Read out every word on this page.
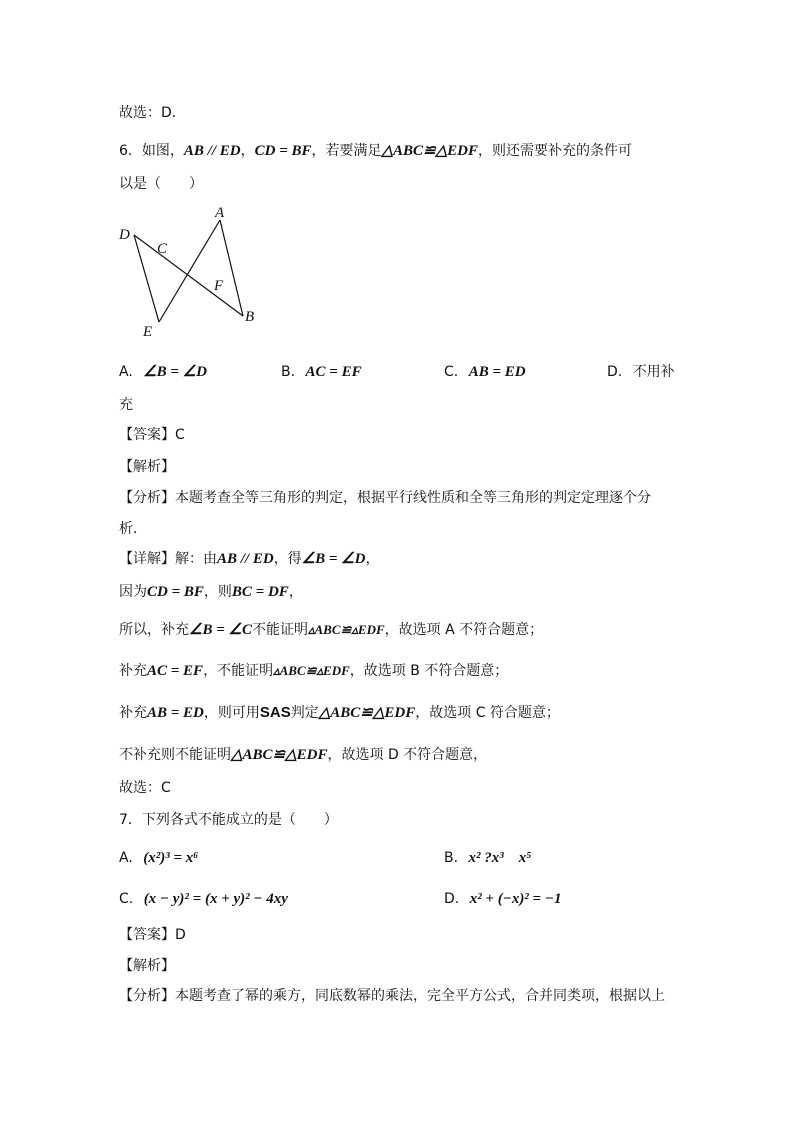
故选：D．
6．如图，AB // ED，CD = BF，若要满足△ABC≌△EDF，则还需要补充的条件可
以是（　　）
D
C
A
F
E
B
A. ∠B = ∠D	B. AC = EF	C. AB = ED	D. 不用补
充
【答案】C
【解析】
【分析】本题考查全等三角形的判定，根据平行线性质和全等三角形的判定定理逐个分
析．
【详解】解：由AB // ED，得∠B = ∠D，
因为CD = BF，则BC = DF，
所以，补充∠B = ∠C不能证明▵ABC≌▵EDF，故选项 A 不符合题意；
补充AC = EF，不能证明▵ABC≌▵EDF，故选项 B 不符合题意；
补充AB = ED，则可用SAS判定△ABC≌△EDF，故选项 C 符合题意；
不补充则不能证明△ABC≌△EDF，故选项 D 不符合题意，
故选：C
7．下列各式不能成立的是（　　）
A. (x²)³ = x⁶	B. x² ?x³　x⁵
C. (x − y)² = (x + y)² − 4xy	D. x² + (−x)² = −1
【答案】D
【解析】
【分析】本题考查了幂的乘方，同底数幂的乘法，完全平方公式，合并同类项，根据以上
